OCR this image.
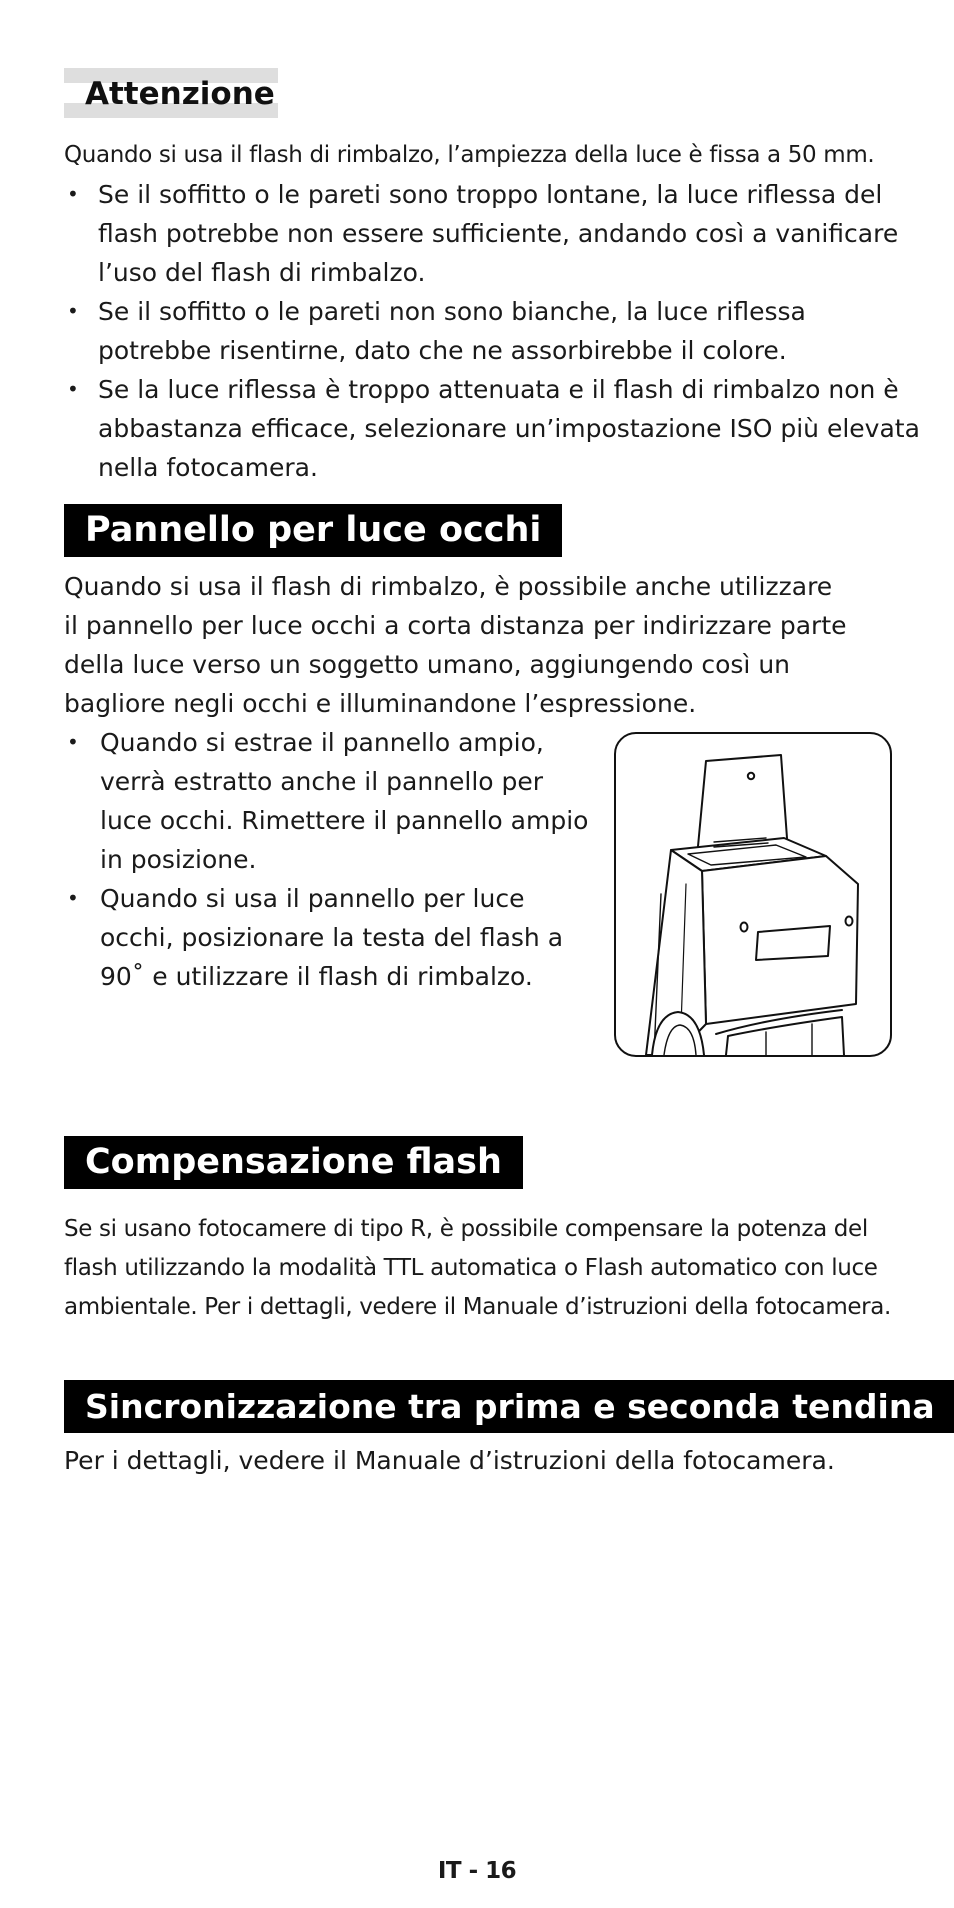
Attenzione

Quando si usa il flash di rimbalzo, l’ampiezza della luce è fissa a 50 mm.

• Se il soffitto o le pareti sono troppo lontane, la luce riflessa del
flash potrebbe non essere sufficiente, andando così a vanificare
l’uso del flash di rimbalzo.
• Se il soffitto o le pareti non sono bianche, la luce riflessa
potrebbe risentirne, dato che ne assorbirebbe il colore.
• Se la luce riflessa è troppo attenuata e il flash di rimbalzo non è
abbastanza efficace, selezionare un’impostazione ISO più elevata
nella fotocamera.
Pannello per luce occhi
Quando si usa il flash di rimbalzo, è possibile anche utilizzare
il pannello per luce occhi a corta distanza per indirizzare parte
della luce verso un soggetto umano, aggiungendo così un
bagliore negli occhi e illuminandone l’espressione.
• Quando si estrae il pannello ampio,
verrà estratto anche il pannello per
luce occhi. Rimettere il pannello ampio
in posizione.
• Quando si usa il pannello per luce
occhi, posizionare la testa del flash a
90˚ e utilizzare il flash di rimbalzo.
Compensazione flash
Se si usano fotocamere di tipo R, è possibile compensare la potenza del
flash utilizzando la modalità TTL automatica o Flash automatico con luce
ambientale. Per i dettagli, vedere il Manuale d’istruzioni della fotocamera.
Sincronizzazione tra prima e seconda tendina

Per i dettagli, vedere il Manuale d’istruzioni della fotocamera.

IT - 16
